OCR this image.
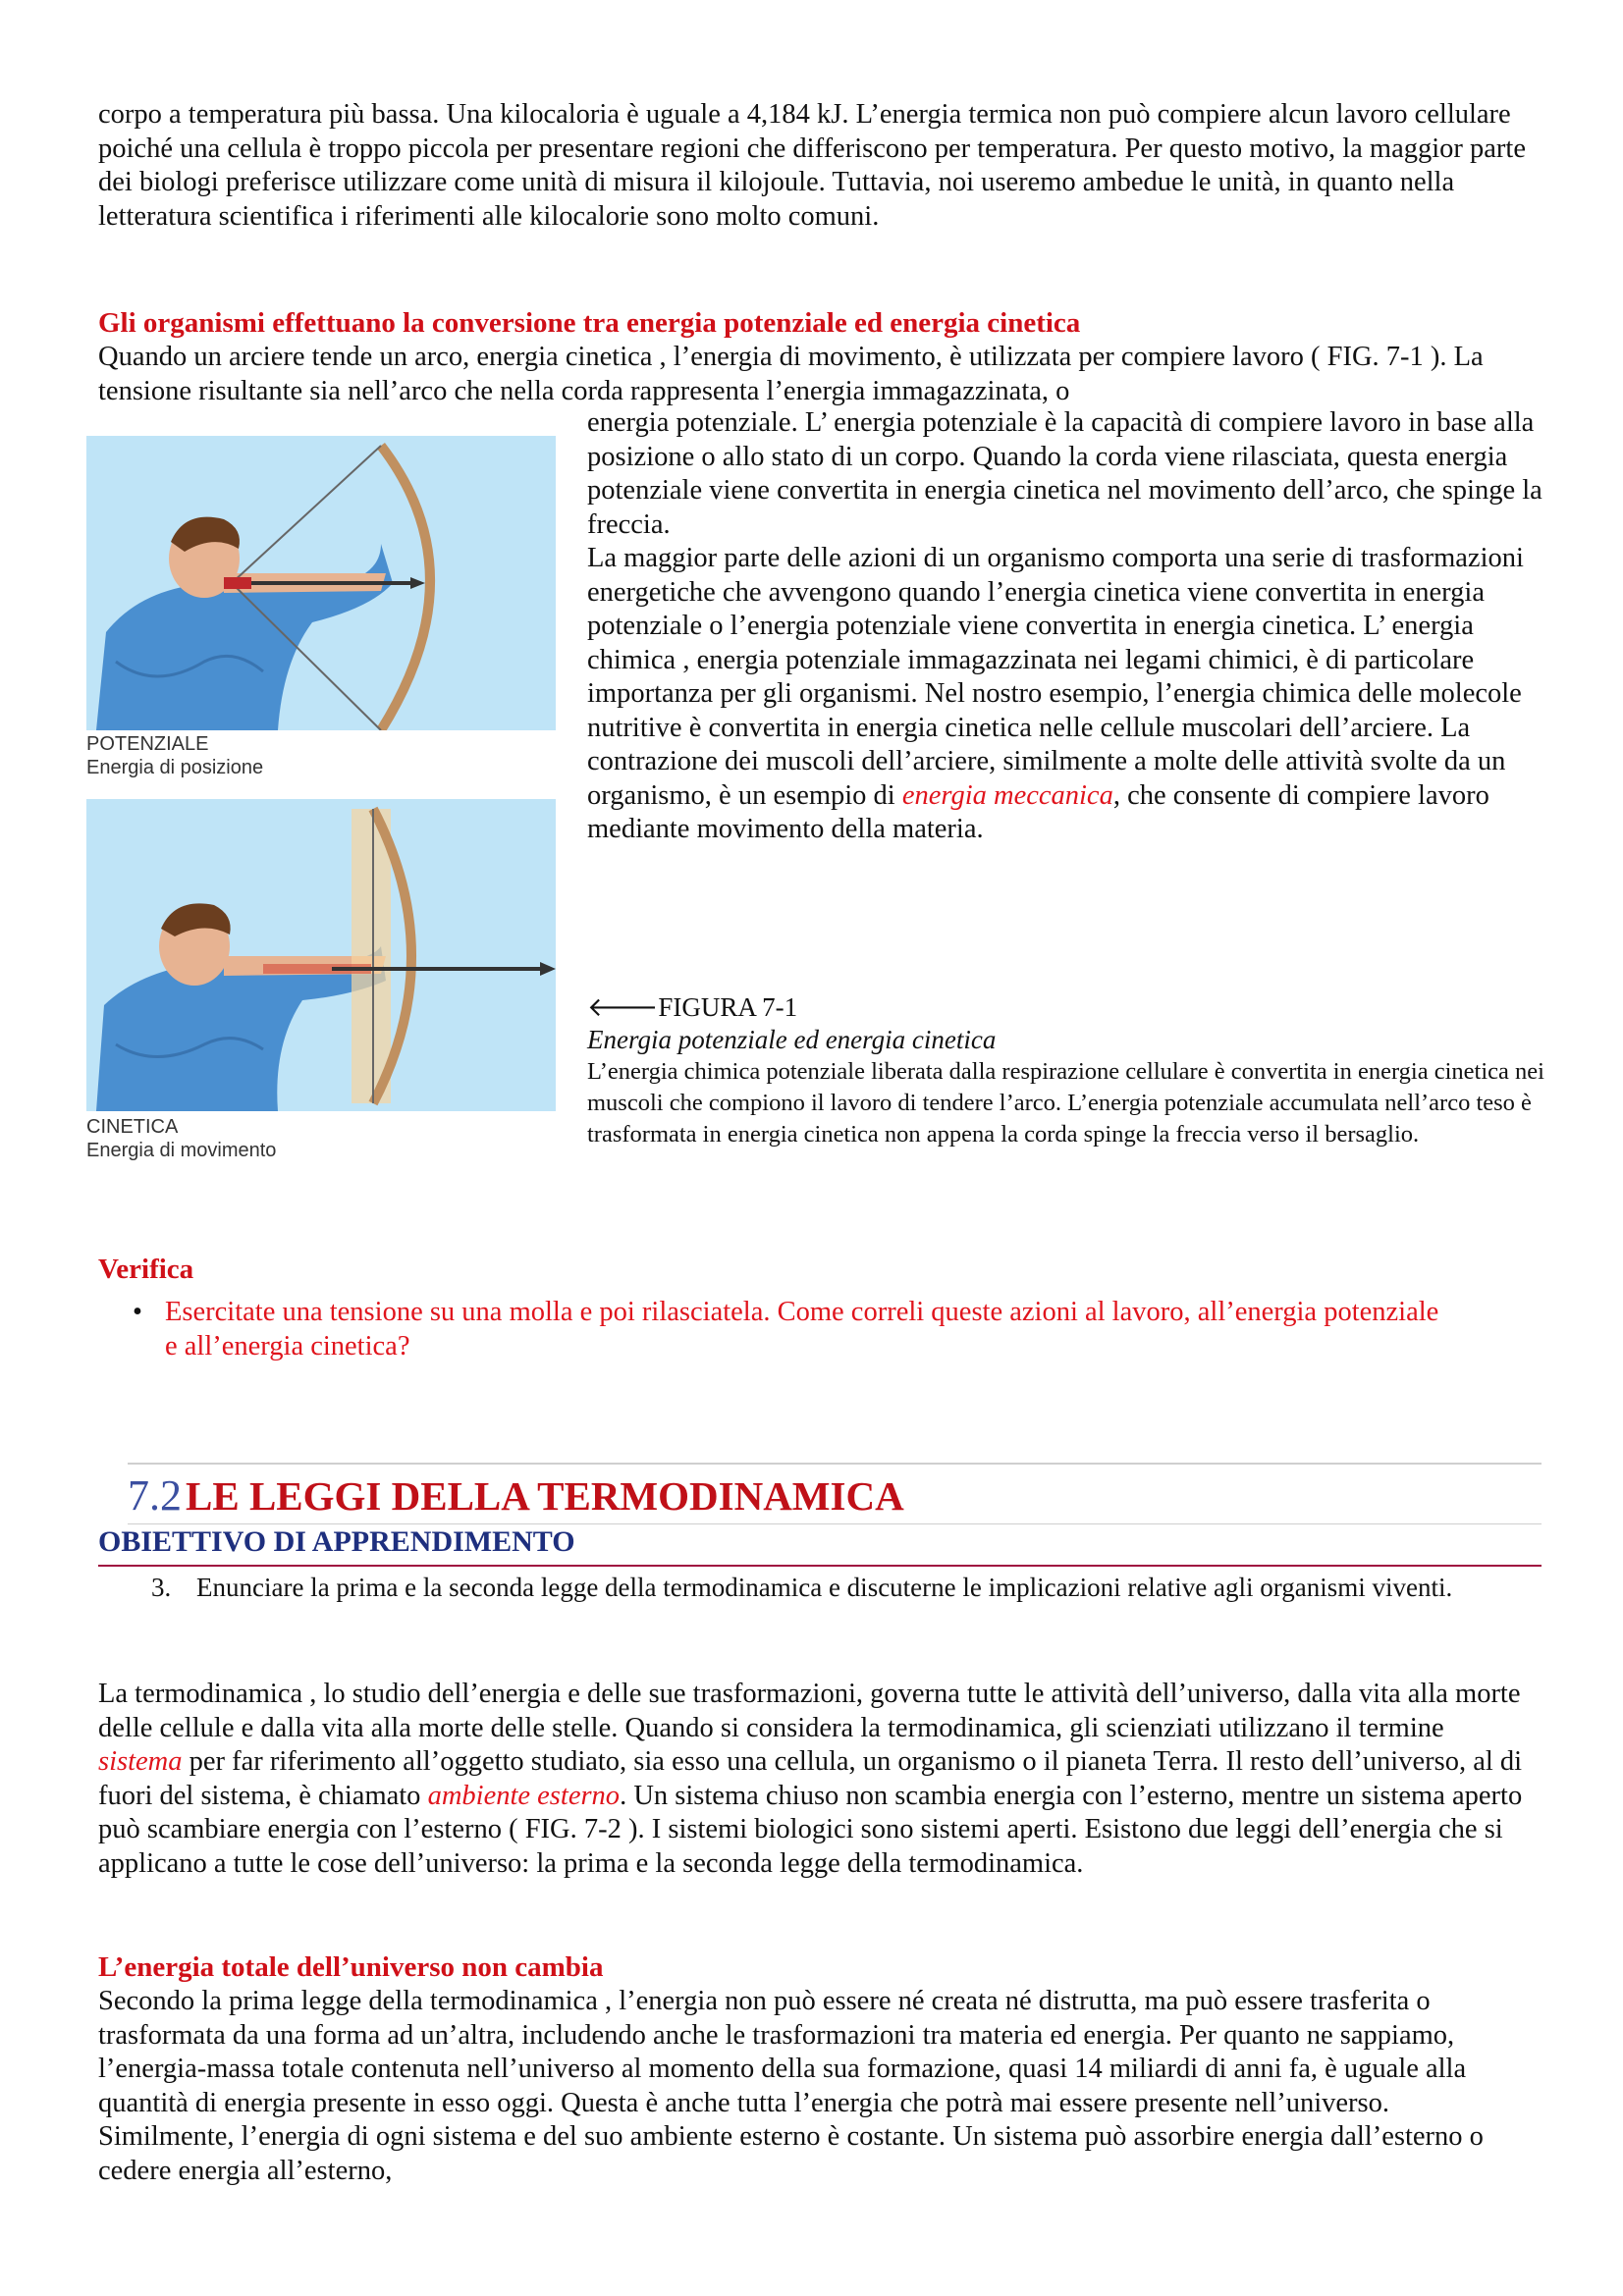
corpo a temperatura più bassa. Una kilocaloria è uguale a 4,184 kJ. L’energia termica non può compiere alcun lavoro cellulare poiché una cellula è troppo piccola per presentare regioni che differiscono per temperatura. Per questo motivo, la maggior parte dei biologi preferisce utilizzare come unità di misura il kilojoule. Tuttavia, noi useremo ambedue le unità, in quanto nella letteratura scientifica i riferimenti alle kilocalorie sono molto comuni.

Gli organismi effettuano la conversione tra energia potenziale ed energia cinetica

Quando un arciere tende un arco, energia cinetica , l’energia di movimento, è utilizzata per compiere lavoro ( FIG. 7-1 ). La tensione risultante sia nell’arco che nella corda rappresenta l’energia immagazzinata, o

POTENZIALE
Energia di posizione
CINETICA
Energia di movimento
energia potenziale. L’ energia potenziale è la capacità di compiere lavoro in base alla posizione o allo stato di un corpo. Quando la corda viene rilasciata, questa energia potenziale viene convertita in energia cinetica nel movimento dell’arco, che spinge la freccia.
La maggior parte delle azioni di un organismo comporta una serie di trasformazioni energetiche che avvengono quando l’energia cinetica viene convertita in energia potenziale o l’energia potenziale viene convertita in energia cinetica. L’ energia chimica , energia potenziale immagazzinata nei legami chimici, è di particolare importanza per gli organismi. Nel nostro esempio, l’energia chimica delle molecole nutritive è convertita in energia cinetica nelle cellule muscolari dell’arciere. La contrazione dei muscoli dell’arciere, similmente a molte delle attività svolte da un organismo, è un esempio di energia meccanica, che consente di compiere lavoro mediante movimento della materia.
🡐FIGURA 7-1
Energia potenziale ed energia cinetica
L’energia chimica potenziale liberata dalla respirazione cellulare è convertita in energia cinetica nei muscoli che compiono il lavoro di tendere l’arco. L’energia potenziale accumulata nell’arco teso è trasformata in energia cinetica non appena la corda spinge la freccia verso il bersaglio.

Verifica

• Esercitate una tensione su una molla e poi rilasciatela. Come correli queste azioni al lavoro, all’energia potenziale e all’energia cinetica?
7.2 LE LEGGI DELLA TERMODINAMICA

OBIETTIVO DI APPRENDIMENTO

3. Enunciare la prima e la seconda legge della termodinamica e discuterne le implicazioni relative agli organismi viventi.

La termodinamica , lo studio dell’energia e delle sue trasformazioni, governa tutte le attività dell’universo, dalla vita alla morte delle cellule e dalla vita alla morte delle stelle. Quando si considera la termodinamica, gli scienziati utilizzano il termine sistema per far riferimento all’oggetto studiato, sia esso una cellula, un organismo o il pianeta Terra. Il resto dell’universo, al di fuori del sistema, è chiamato ambiente esterno. Un sistema chiuso non scambia energia con l’esterno, mentre un sistema aperto può scambiare energia con l’esterno ( FIG. 7-2 ). I sistemi biologici sono sistemi aperti. Esistono due leggi dell’energia che si applicano a tutte le cose dell’universo: la prima e la seconda legge della termodinamica.

L’energia totale dell’universo non cambia

Secondo la prima legge della termodinamica , l’energia non può essere né creata né distrutta, ma può essere trasferita o trasformata da una forma ad un’altra, includendo anche le trasformazioni tra materia ed energia. Per quanto ne sappiamo, l’energia-massa totale contenuta nell’universo al momento della sua formazione, quasi 14 miliardi di anni fa, è uguale alla quantità di energia presente in esso oggi. Questa è anche tutta l’energia che potrà mai essere presente nell’universo. Similmente, l’energia di ogni sistema e del suo ambiente esterno è costante. Un sistema può assorbire energia dall’esterno o cedere energia all’esterno,
